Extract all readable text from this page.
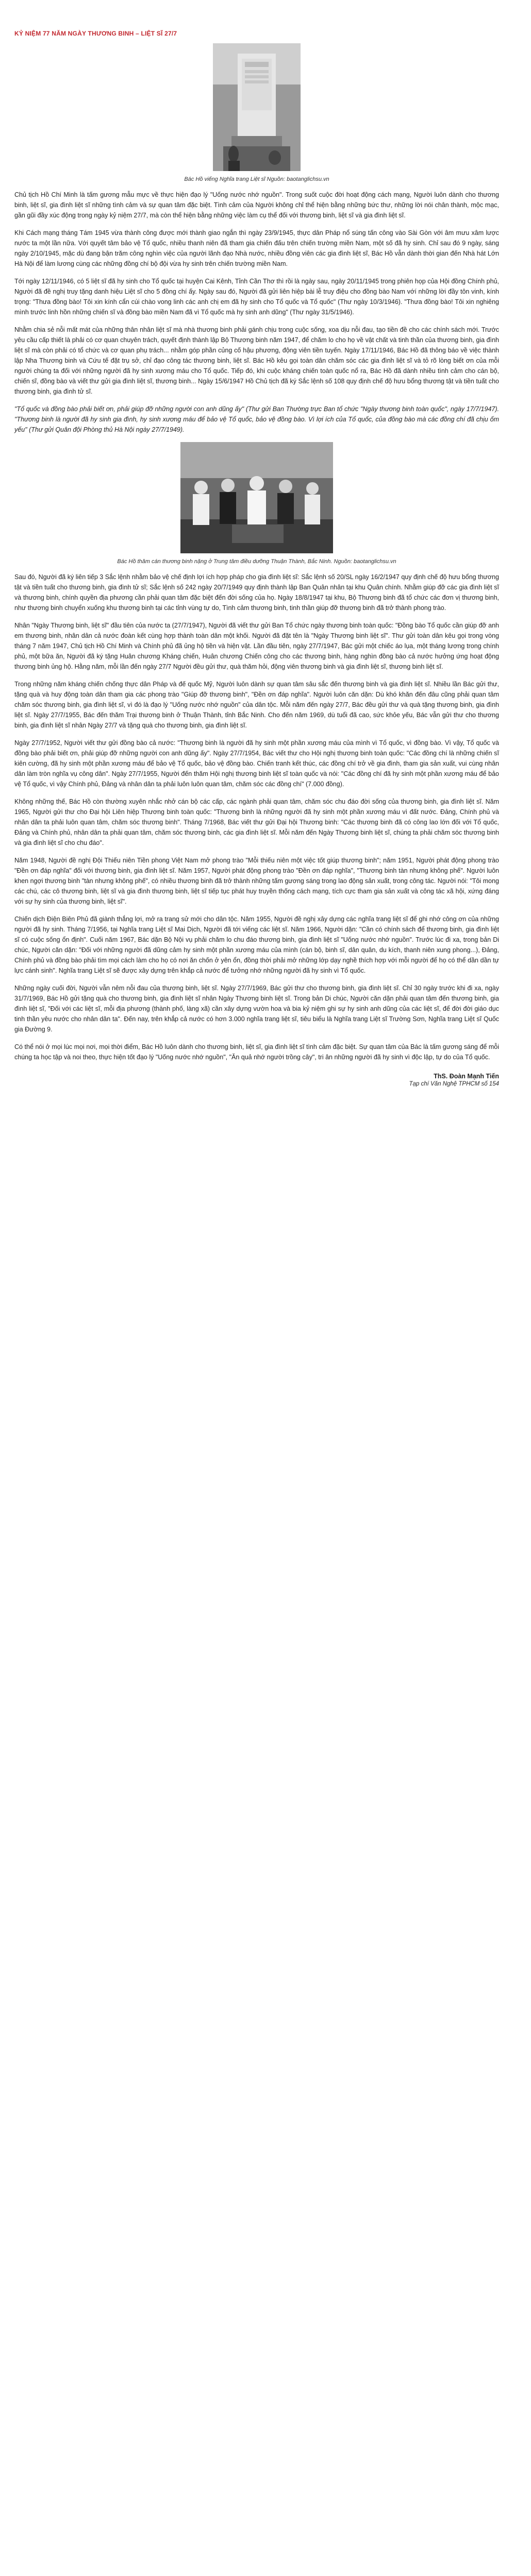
KỶ NIỆM 77 NĂM NGÀY THƯƠNG BINH – LIỆT SĨ 27/7
Bác Hồ viếng Nghĩa trang Liệt sĩ Nguồn: baotanglichsu.vn

Chủ tịch Hồ Chí Minh là tấm gương mẫu mực về thực hiện đạo lý "Uống nước nhớ nguồn". Trong suốt cuộc đời hoạt động cách mạng, Người luôn dành cho thương binh, liệt sĩ, gia đình liệt sĩ những tình cảm và sự quan tâm đặc biệt. Tình cảm của Người không chỉ thể hiện bằng những bức thư, những lời nói chân thành, mộc mạc, gần gũi đầy xúc động trong ngày kỷ niệm 27/7, mà còn thể hiện bằng những việc làm cụ thể đối với thương binh, liệt sĩ và gia đình liệt sĩ.

Khi Cách mạng tháng Tám 1945 vừa thành công được mới thành giao ngắn thì ngày 23/9/1945, thực dân Pháp nổ súng tấn công vào Sài Gòn với âm mưu xâm lược nước ta một lần nữa. Với quyết tâm bảo vệ Tổ quốc, nhiều thanh niên đã tham gia chiến đấu trên chiến trường miền Nam, một số đã hy sinh. Chỉ sau đó 9 ngày, sáng ngày 2/10/1945, mặc dù đang bận trăm công nghìn việc của người lãnh đạo Nhà nước, nhiều đồng viên các gia đình liệt sĩ, Bác Hồ vẫn dành thời gian đến Nhà hát Lớn Hà Nội để làm lương cùng các những đồng chí bộ đội vừa hy sinh trên chiến trường miền Nam.

Tới ngày 12/11/1946, có 5 liệt sĩ đã hy sinh cho Tổ quốc tại huyện Cai Kênh, Tỉnh Cần Thơ thì rồi là ngày sau, ngày 20/11/1945 trong phiên họp của Hội đồng Chính phủ, Người đã đề nghị truy tặng danh hiệu Liệt sĩ cho 5 đồng chí ấy. Ngày sau đó, Người đã gửi liên hiệp bài lễ truy điệu cho đồng bào Nam vớí những lời đầy tôn vinh, kính trọng: "Thưa đồng bào! Tôi xin kính cẩn cúi chào vong linh các anh chị em đã hy sinh cho Tổ quốc và Tổ quốc" (Thư ngày 10/3/1946). "Thưa đồng bào! Tôi xin nghiêng mình trước linh hồn những chiến sĩ và đồng bào miền Nam đã vì Tổ quốc mà hy sinh anh dũng" (Thư ngày 31/5/1946).

Nhằm chia sẻ nỗi mất mát của những thân nhân liệt sĩ mà nhà thương binh phải gánh chịu trong cuộc sống, xoa dịu nỗi đau, tạo tiền đề cho các chính sách mới. Trước yêu cầu cấp thiết là phải có cơ quan chuyên trách, quyết định thành lập Bộ Thương binh năm 1947, để chăm lo cho họ về vật chất và tinh thần của thương binh, gia đình liệt sĩ mà còn phải có tổ chức và cơ quan phụ trách... nhằm góp phần củng cố hậu phương, động viên tiền tuyến. Ngày 17/11/1946, Bác Hồ đã thông báo về việc thành lập Nha Thương binh và Cứu tế đặt trụ sở, chỉ đạo công tác thương binh, liệt sĩ. Bác Hồ kêu gọi toàn dân chăm sóc các gia đình liệt sĩ và tỏ rõ lòng biết ơn của mỗi người chúng ta đối với những người đã hy sinh xương máu cho Tổ quốc. Tiếp đó, khi cuộc kháng chiến toàn quốc nổ ra, Bác Hồ đã dành nhiều tình cảm cho cán bộ, chiến sĩ, đồng bào và viết thư gửi gia đình liệt sĩ, thương binh... Ngày 15/6/1947 Hồ Chủ tịch đã ký Sắc lệnh số 108 quy định chế độ hưu bổng thương tật và tiền tuất cho thương binh, gia đình tử sĩ.

"Tổ quốc và đồng bào phải biết ơn, phải giúp đỡ những người con anh dũng ấy" (Thư gửi Ban Thường trực Ban tổ chức "Ngày thương binh toàn quốc", ngày 17/7/1947). "Thương binh là người đã hy sinh gia đình, hy sinh xương máu để bảo vệ Tổ quốc, bảo vệ đồng bào. Vì lợi ích của Tổ quốc, của đồng bào mà các đồng chí đã chịu ốm yếu" (Thư gửi Quân đội Phòng thủ Hà Nội ngày 27/7/1949).

Bác Hồ thăm cán thương binh nặng ở Trung tâm điều dưỡng Thuận Thành, Bắc Ninh. Nguồn: baotanglichsu.vn

Sau đó, Người đã ký liên tiếp 3 Sắc lệnh nhằm bảo vệ chế định lợi ích hợp pháp cho gia đình liệt sĩ: Sắc lệnh số 20/SL ngày 16/2/1947 quy định chế độ hưu bổng thương tật và tiền tuất cho thương binh, gia đình tử sĩ; Sắc lệnh số 242 ngày 20/7/1949 quy định thành lập Ban Quân nhân tại khu Quân chính. Nhằm giúp đỡ các gia đình liệt sĩ và thương binh, chính quyền địa phương cần phải quan tâm đặc biệt đến đời sống của họ. Ngày 18/8/1947 tại khu, Bộ Thương binh đã tổ chức các đơn vị thương binh, như thương binh chuyển xuống khu thương binh tại các tỉnh vùng tự do, Tình cảm thương binh, tinh thần giúp đỡ thương binh đã trở thành phong trào.

Nhân "Ngày Thương binh, liệt sĩ" đầu tiên của nước ta (27/7/1947), Người đã viết thư gửi Ban Tổ chức ngày thương binh toàn quốc: "Đồng bào Tổ quốc cần giúp đỡ anh em thương binh, nhân dân cả nước đoàn kết cùng hợp thành toàn dân một khối. Người đã đặt tên là "Ngày Thương binh liệt sĩ". Thư gửi toàn dân kêu gọi trong vòng tháng 7 năm 1947, Chủ tịch Hồ Chí Minh và Chính phủ đã ủng hộ tiền và hiện vật. Lần đầu tiên, ngày 27/7/1947, Bác gửi một chiếc áo lụa, một tháng lương trong chính phủ, một bữa ăn, Người đã ký tặng Huân chương Kháng chiến, Huân chương Chiến công cho các thương binh, hàng nghìn đồng bào cả nước hưởng ứng hoạt động thương binh ủng hộ. Hằng năm, mỗi lần đến ngày 27/7 Người đều gửi thư, quà thăm hỏi, động viên thương binh và gia đình liệt sĩ, thương binh liệt sĩ.

Trong những năm kháng chiến chống thực dân Pháp và đế quốc Mỹ, Người luôn dành sự quan tâm sâu sắc đến thương binh và gia đình liệt sĩ. Nhiều lần Bác gửi thư, tặng quà và huy động toàn dân tham gia các phong trào "Giúp đỡ thương binh", "Đền ơn đáp nghĩa". Người luôn căn dặn: Dù khó khăn đến đâu cũng phải quan tâm chăm sóc thương binh, gia đình liệt sĩ, vì đó là đạo lý "Uống nước nhớ nguồn" của dân tộc. Mỗi năm đến ngày 27/7, Bác đều gửi thư và quà tặng thương binh, gia đình liệt sĩ. Ngày 27/7/1955, Bác đến thăm Trại thương binh ở Thuận Thành, tỉnh Bắc Ninh. Cho đến năm 1969, dù tuổi đã cao, sức khỏe yếu, Bác vẫn gửi thư cho thương binh, gia đình liệt sĩ nhân Ngày 27/7 và tặng quà cho thương binh, gia đình liệt sĩ.

Ngày 27/7/1952, Người viết thư gửi đồng bào cả nước: "Thương binh là người đã hy sinh một phần xương máu của mình vì Tổ quốc, vì đồng bào. Vì vậy, Tổ quốc và đồng bào phải biết ơn, phải giúp đỡ những người con anh dũng ấy". Ngày 27/7/1954, Bác viết thư cho Hội nghị thương binh toàn quốc: "Các đồng chí là những chiến sĩ kiên cường, đã hy sinh một phần xương máu để bảo vệ Tổ quốc, bảo vệ đồng bào. Chiến tranh kết thúc, các đồng chí trở về gia đình, tham gia sản xuất, vui cùng nhân dân làm tròn nghĩa vụ công dân". Ngày 27/7/1955, Người đến thăm Hội nghị thương binh liệt sĩ toàn quốc và nói: "Các đồng chí đã hy sinh một phần xương máu để bảo vệ Tổ quốc, vì vậy Chính phủ, Đảng và nhân dân ta phải luôn luôn quan tâm, chăm sóc các đồng chí" (7.000 đồng).

Không những thế, Bác Hồ còn thường xuyên nhắc nhở cán bộ các cấp, các ngành phải quan tâm, chăm sóc chu đáo đời sống của thương binh, gia đình liệt sĩ. Năm 1965, Người gửi thư cho Đại hội Liên hiệp Thương binh toàn quốc: "Thương binh là những người đã hy sinh một phần xương máu vì đất nước. Đảng, Chính phủ và nhân dân ta phải luôn quan tâm, chăm sóc thương binh". Tháng 7/1968, Bác viết thư gửi Đại hội Thương binh: "Các thương binh đã có công lao lớn đối với Tổ quốc, Đảng và Chính phủ, nhân dân ta phải quan tâm, chăm sóc thương binh, các gia đình liệt sĩ. Mỗi năm đến Ngày Thương binh liệt sĩ, chúng ta phải chăm sóc thương binh và gia đình liệt sĩ cho chu đáo".

Năm 1948, Người đề nghị Đội Thiếu niên Tiền phong Việt Nam mở phong trào "Mỗi thiếu niên một việc tốt giúp thương binh"; năm 1951, Người phát động phong trào "Đền ơn đáp nghĩa" đối với thương binh, gia đình liệt sĩ. Năm 1957, Người phát động phong trào "Đền ơn đáp nghĩa", "Thương binh tàn nhưng không phế". Người luôn khen ngợi thương binh "tàn nhưng không phế", có nhiều thương binh đã trở thành những tấm gương sáng trong lao động sản xuất, trong công tác. Người nói: "Tôi mong các chú, các cô thương binh, liệt sĩ và gia đình thương binh, liệt sĩ tiếp tục phát huy truyền thống cách mạng, tích cực tham gia sản xuất và công tác xã hội, xứng đáng với sự hy sinh của thương binh, liệt sĩ".

Chiến dịch Điện Biên Phủ đã giành thắng lợi, mở ra trang sử mới cho dân tộc. Năm 1955, Người đề nghị xây dựng các nghĩa trang liệt sĩ để ghi nhớ công ơn của những người đã hy sinh. Tháng 7/1956, tại Nghĩa trang Liệt sĩ Mai Dịch, Người đã tới viếng các liệt sĩ. Năm 1966, Người dặn: "Cần có chính sách để thương binh, gia đình liệt sĩ có cuộc sống ổn định". Cuối năm 1967, Bác dặn Bộ Nội vụ phải chăm lo chu đáo thương binh, gia đình liệt sĩ "Uống nước nhớ nguồn". Trước lúc đi xa, trong bản Di chúc, Người căn dặn: "Đối với những người đã dũng cảm hy sinh một phần xương máu của mình (cán bộ, binh sĩ, dân quân, du kích, thanh niên xung phong...), Đảng, Chính phủ và đồng bào phải tìm mọi cách làm cho họ có nơi ăn chốn ở yên ổn, đồng thời phải mở những lớp dạy nghề thích hợp với mỗi người để họ có thể dần dần tự lực cánh sinh". Nghĩa trang Liệt sĩ sẽ được xây dựng trên khắp cả nước để tưởng nhớ những người đã hy sinh vì Tổ quốc.

Những ngày cuối đời, Người vẫn nêm nỗi đau của thương binh, liệt sĩ. Ngày 27/7/1969, Bác gửi thư cho thương binh, gia đình liệt sĩ. Chỉ 30 ngày trước khi đi xa, ngày 31/7/1969, Bác Hồ gửi tặng quà cho thương binh, gia đình liệt sĩ nhân Ngày Thương binh liệt sĩ. Trong bản Di chúc, Người căn dặn phải quan tâm đến thương binh, gia đình liệt sĩ, "Đối với các liệt sĩ, mỗi địa phương (thành phố, làng xã) cần xây dựng vườn hoa và bia kỷ niệm ghi sự hy sinh anh dũng của các liệt sĩ, để đời đời giáo dục tinh thần yêu nước cho nhân dân ta". Đến nay, trên khắp cả nước có hơn 3.000 nghĩa trang liệt sĩ, tiêu biểu là Nghĩa trang Liệt sĩ Trường Sơn, Nghĩa trang Liệt sĩ Quốc gia Đường 9.

Có thể nói ở mọi lúc mọi nơi, mọi thời điểm, Bác Hồ luôn dành cho thương binh, liệt sĩ, gia đình liệt sĩ tình cảm đặc biệt. Sự quan tâm của Bác là tấm gương sáng để mỗi chúng ta học tập và noi theo, thực hiện tốt đạo lý "Uống nước nhớ nguồn", "Ăn quả nhớ người trồng cây", tri ân những người đã hy sinh vì độc lập, tự do của Tổ quốc.

ThS. Đoàn Mạnh Tiến
Tạp chí Văn Nghệ TPHCM số 154
